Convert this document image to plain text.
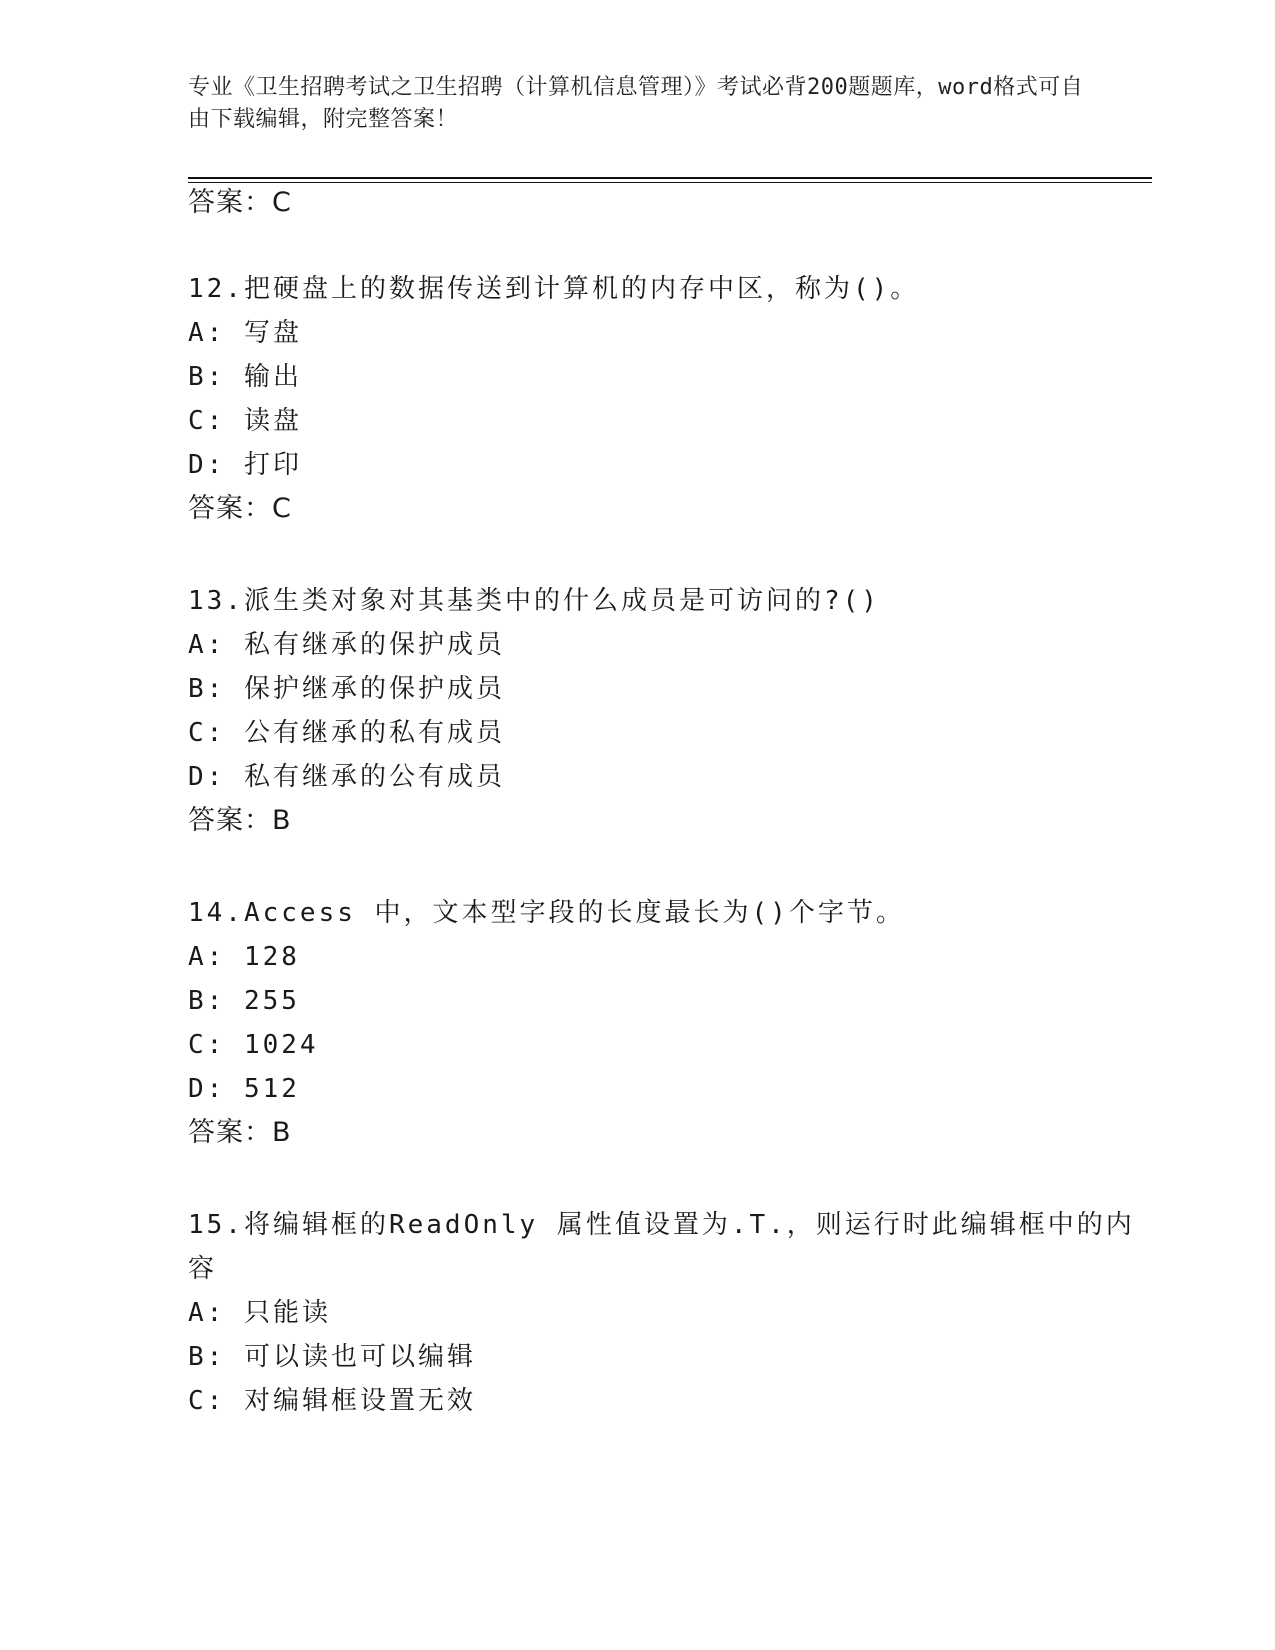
专业《卫生招聘考试之卫生招聘（计算机信息管理）》考试必背200题题库，word格式可自由下载编辑，附完整答案！
答案：C
12.把硬盘上的数据传送到计算机的内存中区，称为()。
A: 写盘
B: 输出
C: 读盘
D: 打印
答案：C
13.派生类对象对其基类中的什么成员是可访问的?()
A: 私有继承的保护成员
B: 保护继承的保护成员
C: 公有继承的私有成员
D: 私有继承的公有成员
答案：B
14.Access 中，文本型字段的长度最长为()个字节。
A: 128
B: 255
C: 1024
D: 512
答案：B
15.将编辑框的ReadOnly 属性值设置为.T.，则运行时此编辑框中的内
容
A: 只能读
B: 可以读也可以编辑
C: 对编辑框设置无效
